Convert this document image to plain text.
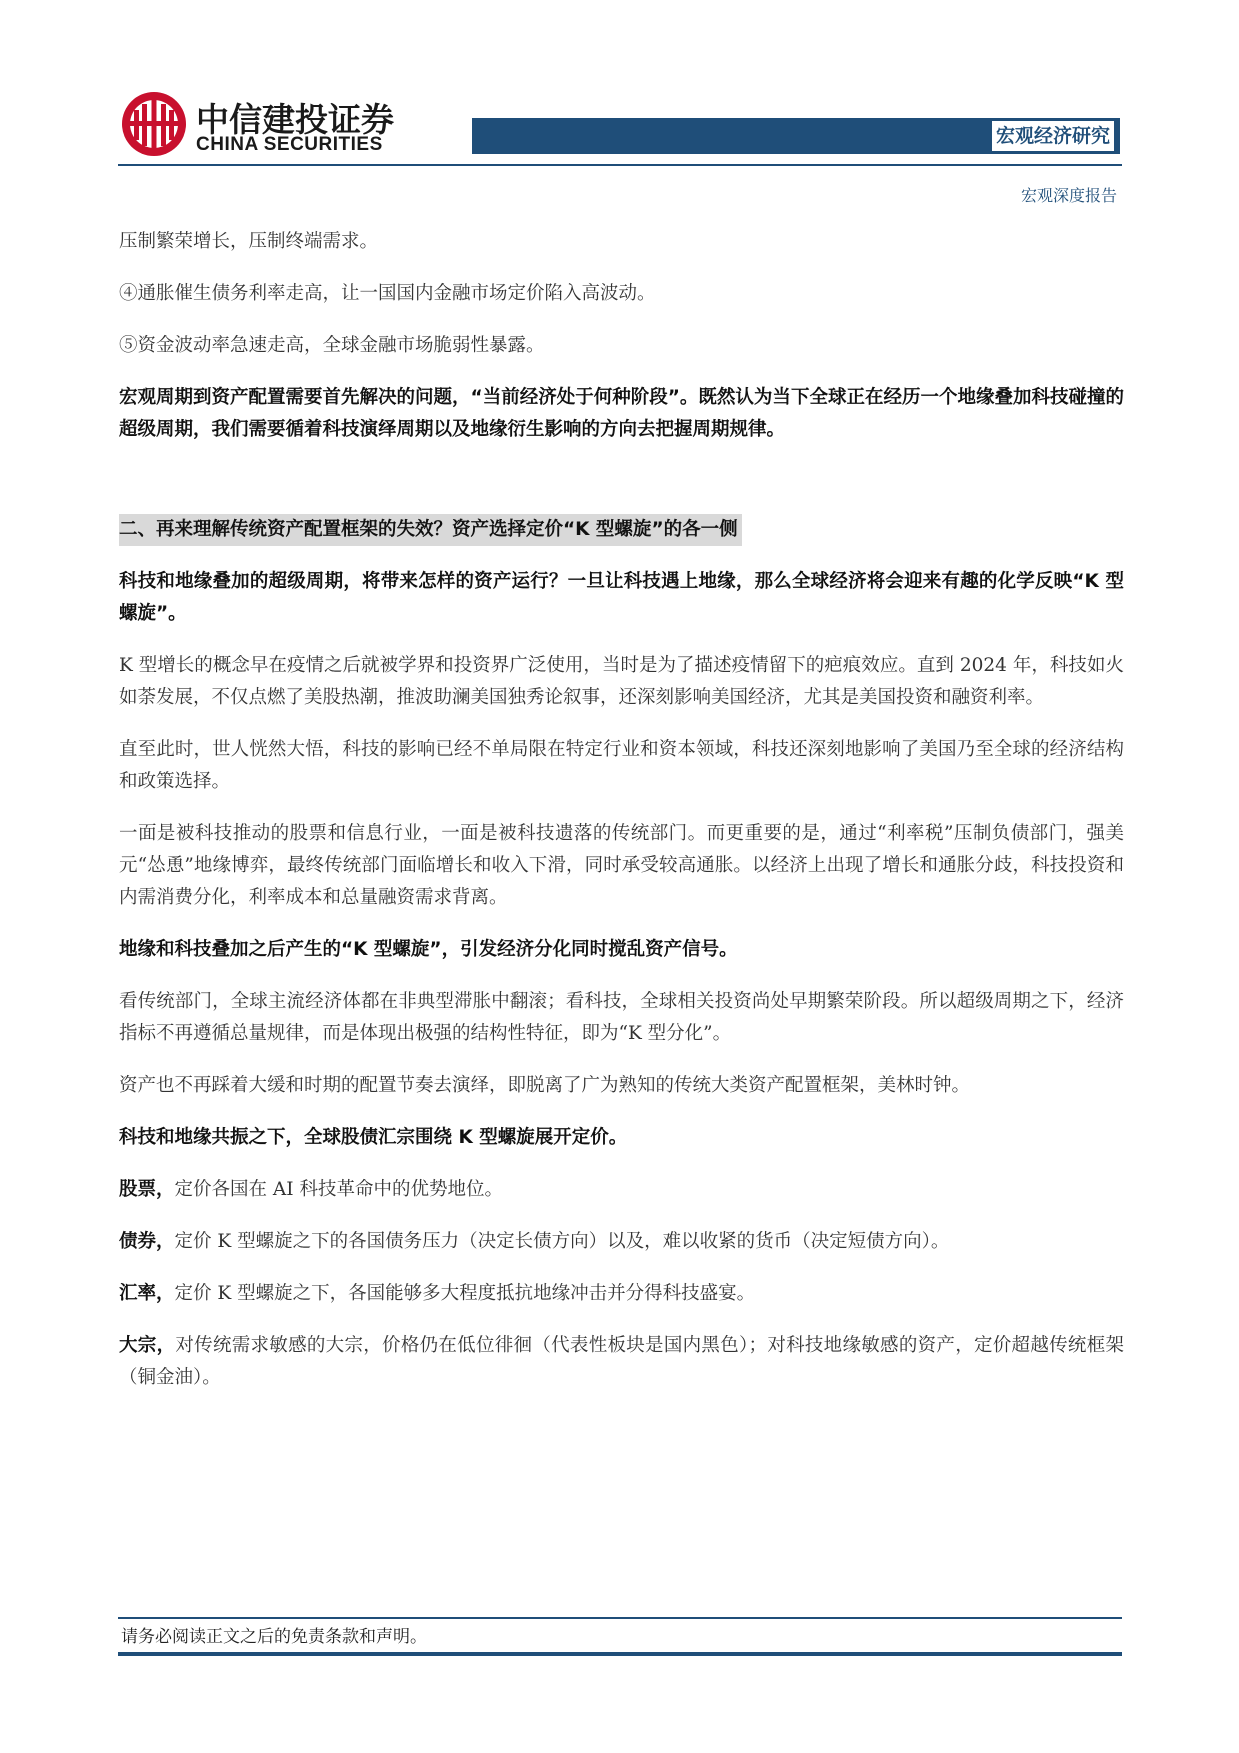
中信建投证券
CHINA SECURITIES	宏观经济研究
宏观深度报告

压制繁荣增长，压制终端需求。

④通胀催生债务利率走高，让一国国内金融市场定价陷入高波动。

⑤资金波动率急速走高，全球金融市场脆弱性暴露。

宏观周期到资产配置需要首先解决的问题，“当前经济处于何种阶段”。既然认为当下全球正在经历一个地缘叠加科技碰撞的超级周期，我们需要循着科技演绎周期以及地缘衍生影响的方向去把握周期规律。

二、再来理解传统资产配置框架的失效？资产选择定价“K 型螺旋”的各一侧

科技和地缘叠加的超级周期，将带来怎样的资产运行？一旦让科技遇上地缘，那么全球经济将会迎来有趣的化学反映“K 型螺旋”。

K 型增长的概念早在疫情之后就被学界和投资界广泛使用，当时是为了描述疫情留下的疤痕效应。直到 2024 年，科技如火如荼发展，不仅点燃了美股热潮，推波助澜美国独秀论叙事，还深刻影响美国经济，尤其是美国投资和融资利率。

直至此时，世人恍然大悟，科技的影响已经不单局限在特定行业和资本领域，科技还深刻地影响了美国乃至全球的经济结构和政策选择。

一面是被科技推动的股票和信息行业，一面是被科技遗落的传统部门。而更重要的是，通过“利率税”压制负债部门，强美元“怂恿”地缘博弈，最终传统部门面临增长和收入下滑，同时承受较高通胀。以经济上出现了增长和通胀分歧，科技投资和内需消费分化，利率成本和总量融资需求背离。

地缘和科技叠加之后产生的“K 型螺旋”，引发经济分化同时搅乱资产信号。

看传统部门，全球主流经济体都在非典型滞胀中翻滚；看科技，全球相关投资尚处早期繁荣阶段。所以超级周期之下，经济指标不再遵循总量规律，而是体现出极强的结构性特征，即为“K 型分化”。

资产也不再踩着大缓和时期的配置节奏去演绎，即脱离了广为熟知的传统大类资产配置框架，美林时钟。

科技和地缘共振之下，全球股债汇宗围绕 K 型螺旋展开定价。

股票，定价各国在 AI 科技革命中的优势地位。

债券，定价 K 型螺旋之下的各国债务压力（决定长债方向）以及，难以收紧的货币（决定短债方向）。

汇率，定价 K 型螺旋之下，各国能够多大程度抵抗地缘冲击并分得科技盛宴。

大宗，对传统需求敏感的大宗，价格仍在低位徘徊（代表性板块是国内黑色）；对科技地缘敏感的资产，定价超越传统框架（铜金油）。

请务必阅读正文之后的免责条款和声明。
